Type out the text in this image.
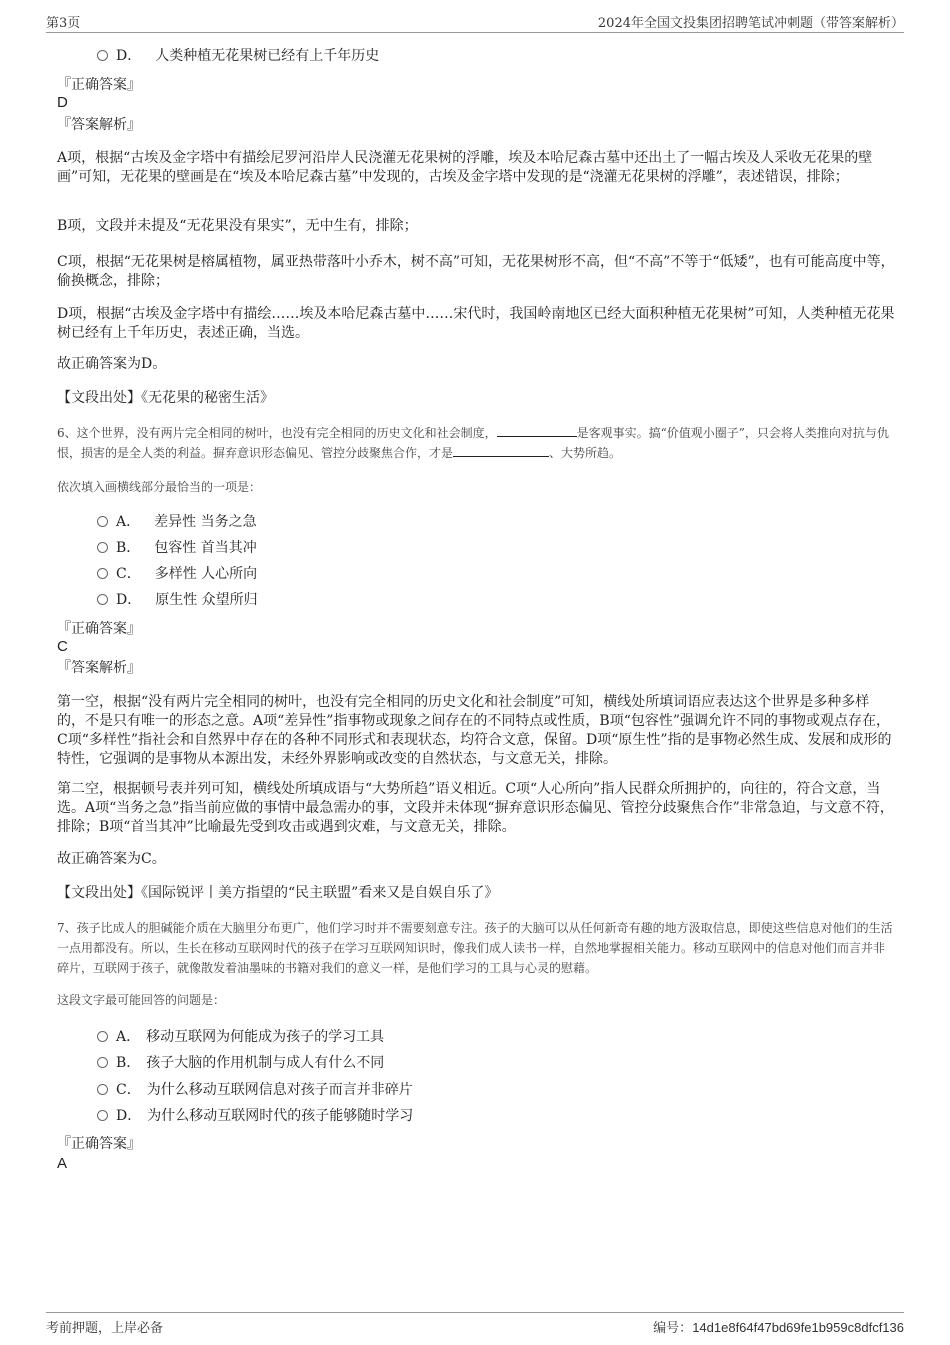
第3页	2024年全国文投集团招聘笔试冲刺题（带答案解析）
D． 人类种植无花果树已经有上千年历史
『正确答案』
D
『答案解析』
A项，根据“古埃及金字塔中有描绘尼罗河沿岸人民浇灌无花果树的浮雕，埃及本哈尼森古墓中还出土了一幅古埃及人采收无花果的壁画”可知，无花果的壁画是在“埃及本哈尼森古墓”中发现的，古埃及金字塔中发现的是“浇灌无花果树的浮雕”，表述错误，排除；
B项，文段并未提及“无花果没有果实”，无中生有，排除；
C项，根据“无花果树是榕属植物，属亚热带落叶小乔木，树不高”可知，无花果树形不高，但“不高”不等于“低矮”，也有可能高度中等，偷换概念，排除；
D项，根据“古埃及金字塔中有描绘……埃及本哈尼森古墓中……宋代时，我国岭南地区已经大面积种植无花果树”可知，人类种植无花果树已经有上千年历史，表述正确，当选。
故正确答案为D。
【文段出处】《无花果的秘密生活》
6、这个世界，没有两片完全相同的树叶，也没有完全相同的历史文化和社会制度，	是客观事实。搞“价值观小圈子”，只会将人类推向对抗与仇恨，损害的是全人类的利益。摒弃意识形态偏见、管控分歧聚焦合作，才是	、大势所趋。
依次填入画横线部分最恰当的一项是：
A． 差异性 当务之急
B． 包容性 首当其冲
C． 多样性 人心所向
D． 原生性 众望所归
『正确答案』
C
『答案解析』
第一空，根据“没有两片完全相同的树叶，也没有完全相同的历史文化和社会制度”可知，横线处所填词语应表达这个世界是多种多样的，不是只有唯一的形态之意。A项“差异性”指事物或现象之间存在的不同特点或性质，B项“包容性”强调允许不同的事物或观点存在，C项“多样性”指社会和自然界中存在的各种不同形式和表现状态，均符合文意，保留。D项“原生性”指的是事物必然生成、发展和成形的特性，它强调的是事物从本源出发，未经外界影响或改变的自然状态，与文意无关，排除。
第二空，根据顿号表并列可知，横线处所填成语与“大势所趋”语义相近。C项“人心所向”指人民群众所拥护的，向往的，符合文意，当选。A项“当务之急”指当前应做的事情中最急需办的事，文段并未体现“摒弃意识形态偏见、管控分歧聚焦合作”非常急迫，与文意不符，排除；B项“首当其冲”比喻最先受到攻击或遇到灾难，与文意无关，排除。
故正确答案为C。
【文段出处】《国际锐评丨美方指望的“民主联盟”看来又是自娱自乐了》
7、孩子比成人的胆碱能介质在大脑里分布更广，他们学习时并不需要刻意专注。孩子的大脑可以从任何新奇有趣的地方汲取信息，即使这些信息对他们的生活一点用都没有。所以，生长在移动互联网时代的孩子在学习互联网知识时，像我们成人读书一样，自然地掌握相关能力。移动互联网中的信息对他们而言并非碎片，互联网于孩子，就像散发着油墨味的书籍对我们的意义一样，是他们学习的工具与心灵的慰藉。
这段文字最可能回答的问题是：
A． 移动互联网为何能成为孩子的学习工具
B． 孩子大脑的作用机制与成人有什么不同
C． 为什么移动互联网信息对孩子而言并非碎片
D． 为什么移动互联网时代的孩子能够随时学习
『正确答案』
A
考前押题，上岸必备	编号：14d1e8f64f47bd69fe1b959c8dfcf136
